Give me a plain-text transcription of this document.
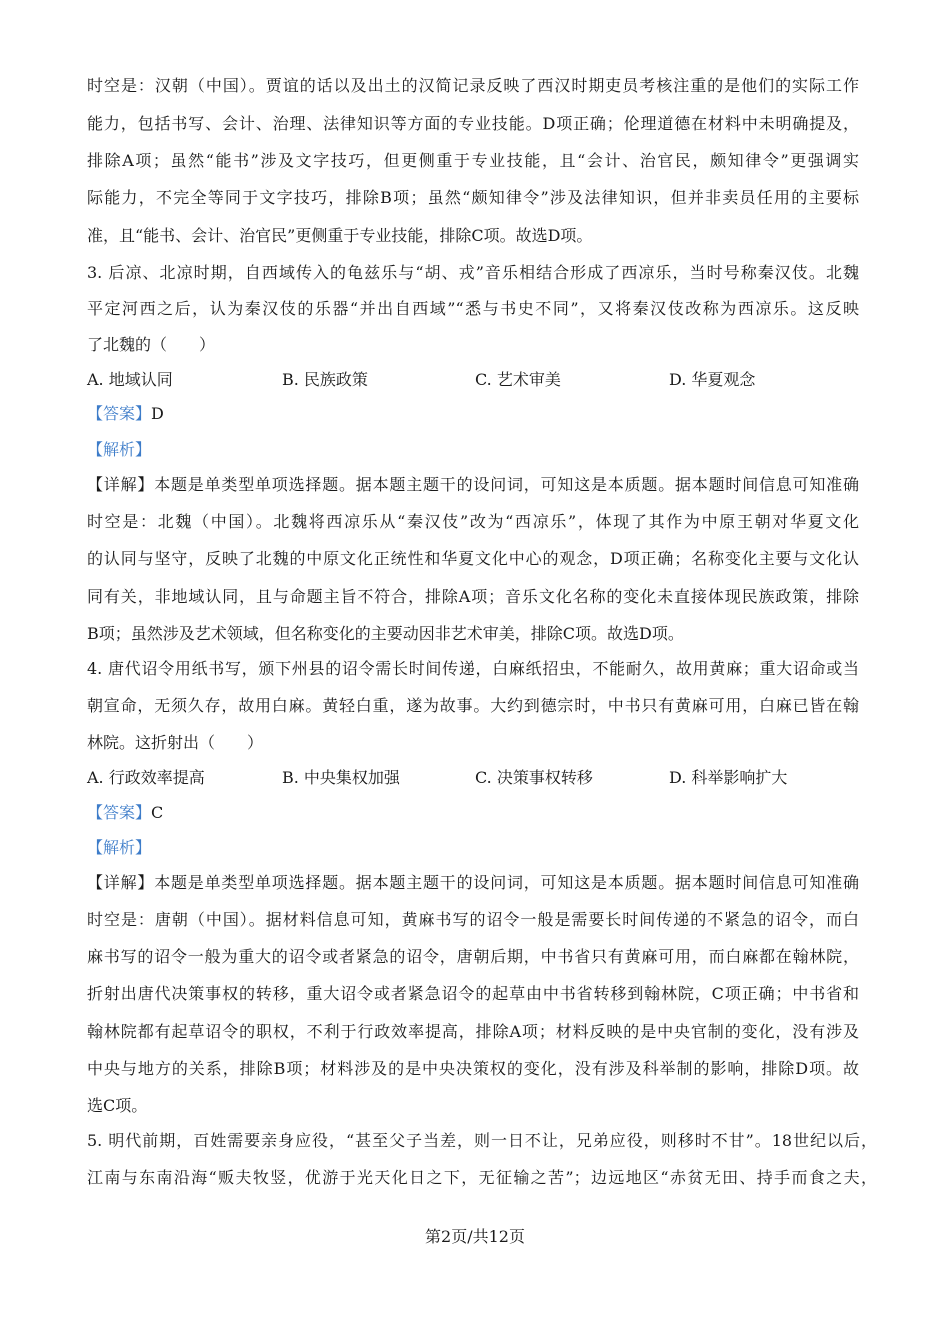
时空是：汉朝（中国）。贾谊的话以及出土的汉简记录反映了西汉时期吏员考核注重的是他们的实际工作
能力，包括书写、会计、治理、法律知识等方面的专业技能。D项正确；伦理道德在材料中未明确提及，
排除A项；虽然“能书”涉及文字技巧，但更侧重于专业技能，且“会计、治官民，颇知律令”更强调实
际能力，不完全等同于文字技巧，排除B项；虽然“颇知律令”涉及法律知识，但并非卖员任用的主要标
准，且“能书、会计、治官民”更侧重于专业技能，排除C项。故选D项。
3. 后凉、北凉时期，自西域传入的龟兹乐与“胡、戎”音乐相结合形成了西凉乐，当时号称秦汉伎。北魏
平定河西之后，认为秦汉伎的乐器“并出自西域”“悉与书史不同”，又将秦汉伎改称为西凉乐。这反映
了北魏的（　　）
A. 地域认同	B. 民族政策	C. 艺术审美	D. 华夏观念
【答案】D
【解析】
【详解】本题是单类型单项选择题。据本题主题干的设问词，可知这是本质题。据本题时间信息可知准确
时空是：北魏（中国）。北魏将西凉乐从“秦汉伎”改为“西凉乐”，体现了其作为中原王朝对华夏文化
的认同与坚守，反映了北魏的中原文化正统性和华夏文化中心的观念，D项正确；名称变化主要与文化认
同有关，非地域认同，且与命题主旨不符合，排除A项；音乐文化名称的变化未直接体现民族政策，排除
B项；虽然涉及艺术领域，但名称变化的主要动因非艺术审美，排除C项。故选D项。
4. 唐代诏令用纸书写，颁下州县的诏令需长时间传递，白麻纸招虫，不能耐久，故用黄麻；重大诏命或当
朝宣命，无须久存，故用白麻。黄轻白重，遂为故事。大约到德宗时，中书只有黄麻可用，白麻已皆在翰
林院。这折射出（　　）
A. 行政效率提高	B. 中央集权加强	C. 决策事权转移	D. 科举影响扩大
【答案】C
【解析】
【详解】本题是单类型单项选择题。据本题主题干的设问词，可知这是本质题。据本题时间信息可知准确
时空是：唐朝（中国）。据材料信息可知，黄麻书写的诏令一般是需要长时间传递的不紧急的诏令，而白
麻书写的诏令一般为重大的诏令或者紧急的诏令，唐朝后期，中书省只有黄麻可用，而白麻都在翰林院，
折射出唐代决策事权的转移，重大诏令或者紧急诏令的起草由中书省转移到翰林院，C项正确；中书省和
翰林院都有起草诏令的职权，不利于行政效率提高，排除A项；材料反映的是中央官制的变化，没有涉及
中央与地方的关系，排除B项；材料涉及的是中央决策权的变化，没有涉及科举制的影响，排除D项。故
选C项。
5. 明代前期，百姓需要亲身应役，“甚至父子当差，则一日不让，兄弟应役，则移时不甘”。18世纪以后，
江南与东南沿海“贩夫牧竖，优游于光天化日之下，无征输之苦”；边远地区“赤贫无田、持手而食之夫，
第2页/共12页
